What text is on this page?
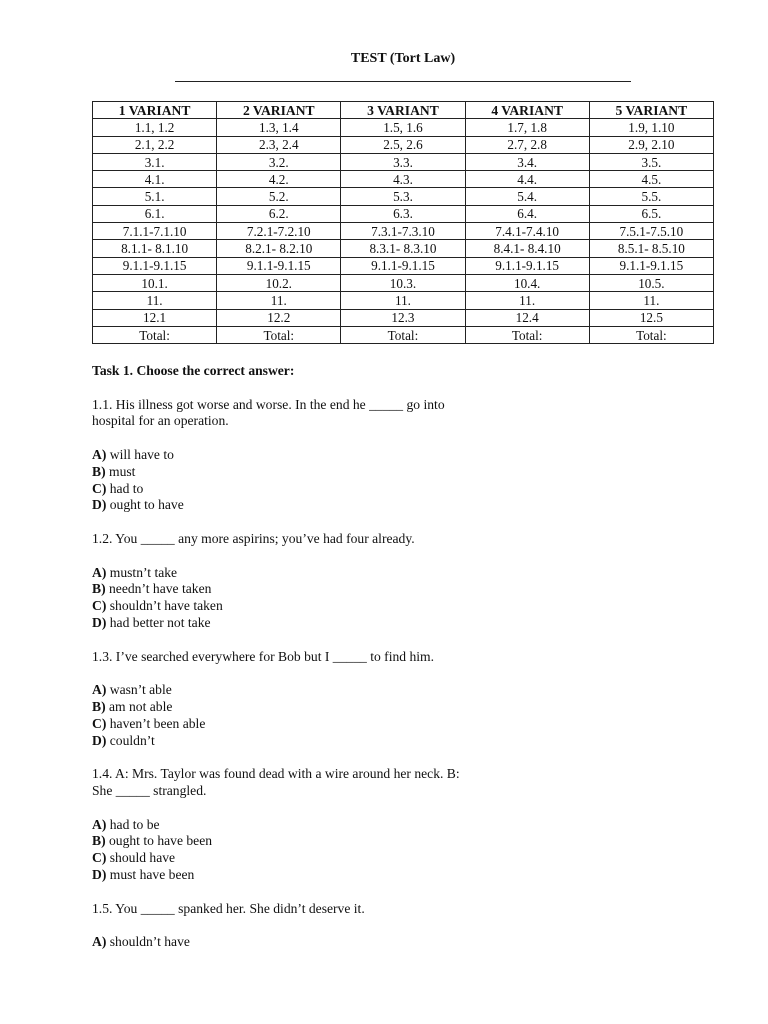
TEST (Tort Law)
1 VARIANT	2 VARIANT	3 VARIANT	4 VARIANT	5 VARIANT
1.1, 1.2	1.3, 1.4	1.5, 1.6	1.7, 1.8	1.9, 1.10
2.1, 2.2	2.3, 2.4	2.5, 2.6	2.7, 2.8	2.9, 2.10
3.1.	3.2.	3.3.	3.4.	3.5.
4.1.	4.2.	4.3.	4.4.	4.5.
5.1.	5.2.	5.3.	5.4.	5.5.
6.1.	6.2.	6.3.	6.4.	6.5.
7.1.1-7.1.10	7.2.1-7.2.10	7.3.1-7.3.10	7.4.1-7.4.10	7.5.1-7.5.10
8.1.1- 8.1.10	8.2.1- 8.2.10	8.3.1- 8.3.10	8.4.1- 8.4.10	8.5.1- 8.5.10
9.1.1-9.1.15	9.1.1-9.1.15	9.1.1-9.1.15	9.1.1-9.1.15	9.1.1-9.1.15
10.1.	10.2.	10.3.	10.4.	10.5.
11.	11.	11.	11.	11.
12.1	12.2	12.3	12.4	12.5
Total:	Total:	Total:	Total:	Total:
Task 1. Choose the correct answer:
1.1. His illness got worse and worse. In the end he _____ go into hospital for an operation.
A) will have to
B) must
C) had to
D) ought to have
1.2. You _____ any more aspirins; you’ve had four already.
A) mustn’t take
B) needn’t have taken
C) shouldn’t have taken
D) had better not take
1.3. I’ve searched everywhere for Bob but I _____ to find him.
A) wasn’t able
B) am not able
C) haven’t been able
D) couldn’t
1.4. A: Mrs. Taylor was found dead with a wire around her neck. B: She _____ strangled.
A) had to be
B) ought to have been
C) should have
D) must have been
1.5. You _____ spanked her. She didn’t deserve it.
A) shouldn’t have
